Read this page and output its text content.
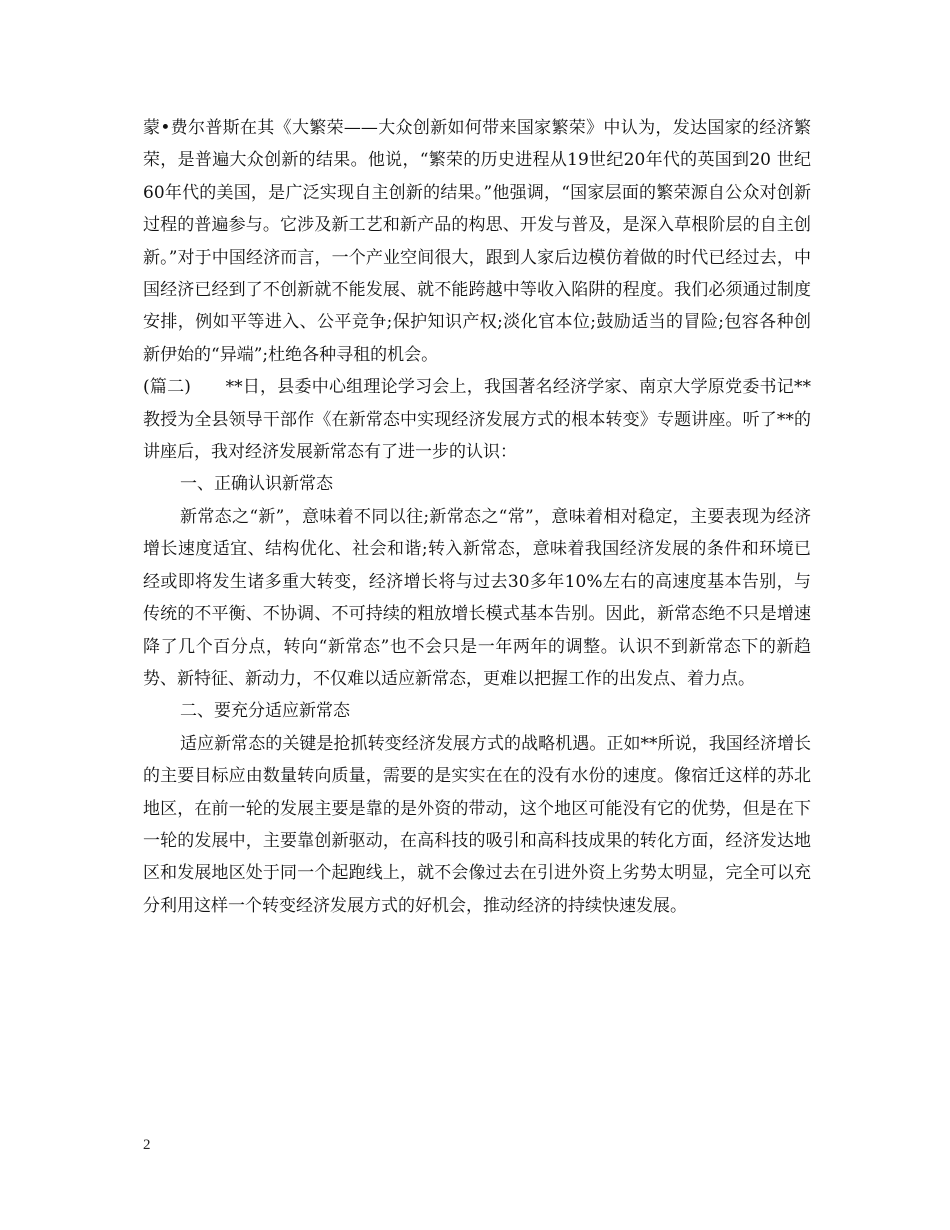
蒙•费尔普斯在其《大繁荣——大众创新如何带来国家繁荣》中认为，发达国家的经济繁荣，是普遍大众创新的结果。他说，“繁荣的历史进程从19世纪20年代的英国到20 世纪60年代的美国，是广泛实现自主创新的结果。”他强调，“国家层面的繁荣源自公众对创新过程的普遍参与。它涉及新工艺和新产品的构思、开发与普及，是深入草根阶层的自主创新。”对于中国经济而言，一个产业空间很大，跟到人家后边模仿着做的时代已经过去，中国经济已经到了不创新就不能发展、就不能跨越中等收入陷阱的程度。我们必须通过制度安排，例如平等进入、公平竞争;保护知识产权;淡化官本位;鼓励适当的冒险;包容各种创新伊始的“异端”;杜绝各种寻租的机会。

(篇二)　　**日，县委中心组理论学习会上，我国著名经济学家、南京大学原党委书记**教授为全县领导干部作《在新常态中实现经济发展方式的根本转变》专题讲座。听了**的讲座后，我对经济发展新常态有了进一步的认识：

一、正确认识新常态

新常态之“新”，意味着不同以往;新常态之“常”，意味着相对稳定，主要表现为经济增长速度适宜、结构优化、社会和谐;转入新常态，意味着我国经济发展的条件和环境已经或即将发生诸多重大转变，经济增长将与过去30多年10%左右的高速度基本告别，与传统的不平衡、不协调、不可持续的粗放增长模式基本告别。因此，新常态绝不只是增速降了几个百分点，转向“新常态”也不会只是一年两年的调整。认识不到新常态下的新趋势、新特征、新动力，不仅难以适应新常态，更难以把握工作的出发点、着力点。

二、要充分适应新常态

适应新常态的关键是抢抓转变经济发展方式的战略机遇。正如**所说，我国经济增长的主要目标应由数量转向质量，需要的是实实在在的没有水份的速度。像宿迁这样的苏北地区，在前一轮的发展主要是靠的是外资的带动，这个地区可能没有它的优势，但是在下一轮的发展中，主要靠创新驱动，在高科技的吸引和高科技成果的转化方面，经济发达地区和发展地区处于同一个起跑线上，就不会像过去在引进外资上劣势太明显，完全可以充分利用这样一个转变经济发展方式的好机会，推动经济的持续快速发展。

2
